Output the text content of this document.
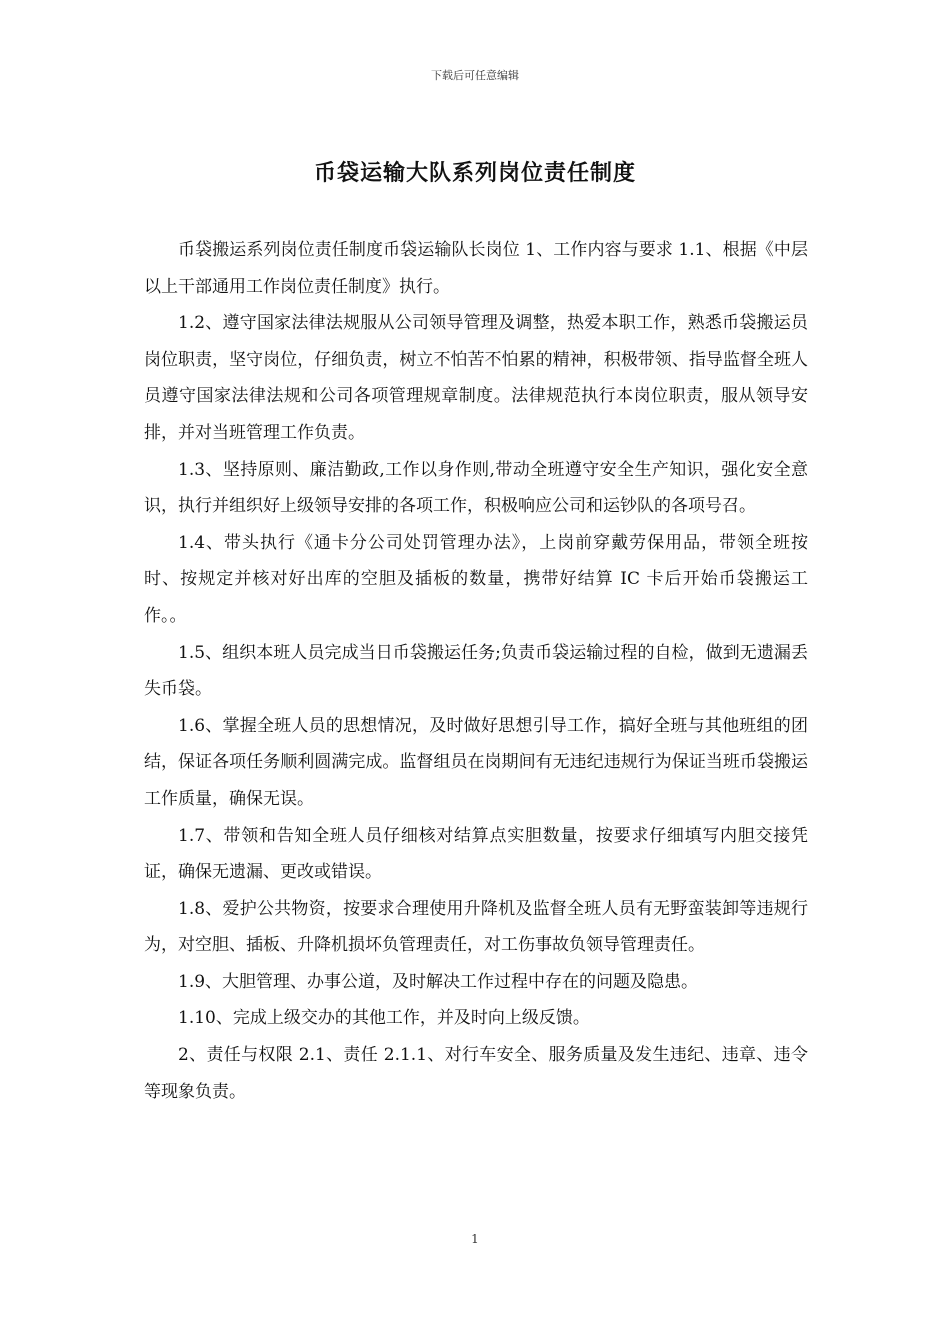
下载后可任意编辑
币袋运输大队系列岗位责任制度

币袋搬运系列岗位责任制度币袋运输队长岗位 1、工作内容与要求 1.1、根据《中层以上干部通用工作岗位责任制度》执行。

1.2、遵守国家法律法规服从公司领导管理及调整，热爱本职工作，熟悉币袋搬运员岗位职责，坚守岗位，仔细负责，树立不怕苦不怕累的精神，积极带领、指导监督全班人员遵守国家法律法规和公司各项管理规章制度。法律规范执行本岗位职责，服从领导安排，并对当班管理工作负责。

1.3、坚持原则、廉洁勤政,工作以身作则,带动全班遵守安全生产知识，强化安全意识，执行并组织好上级领导安排的各项工作，积极响应公司和运钞队的各项号召。

1.4、带头执行《通卡分公司处罚管理办法》，上岗前穿戴劳保用品，带领全班按时、按规定并核对好出库的空胆及插板的数量，携带好结算 IC 卡后开始币袋搬运工作。。

1.5、组织本班人员完成当日币袋搬运任务;负责币袋运输过程的自检，做到无遗漏丢失币袋。

1.6、掌握全班人员的思想情况，及时做好思想引导工作，搞好全班与其他班组的团结，保证各项任务顺利圆满完成。监督组员在岗期间有无违纪违规行为保证当班币袋搬运工作质量，确保无误。

1.7、带领和告知全班人员仔细核对结算点实胆数量，按要求仔细填写内胆交接凭证，确保无遗漏、更改或错误。

1.8、爱护公共物资，按要求合理使用升降机及监督全班人员有无野蛮装卸等违规行为，对空胆、插板、升降机损坏负管理责任，对工伤事故负领导管理责任。

1.9、大胆管理、办事公道，及时解决工作过程中存在的问题及隐患。

1.10、完成上级交办的其他工作，并及时向上级反馈。

2、责任与权限 2.1、责任 2.1.1、对行车安全、服务质量及发生违纪、违章、违令等现象负责。

1
